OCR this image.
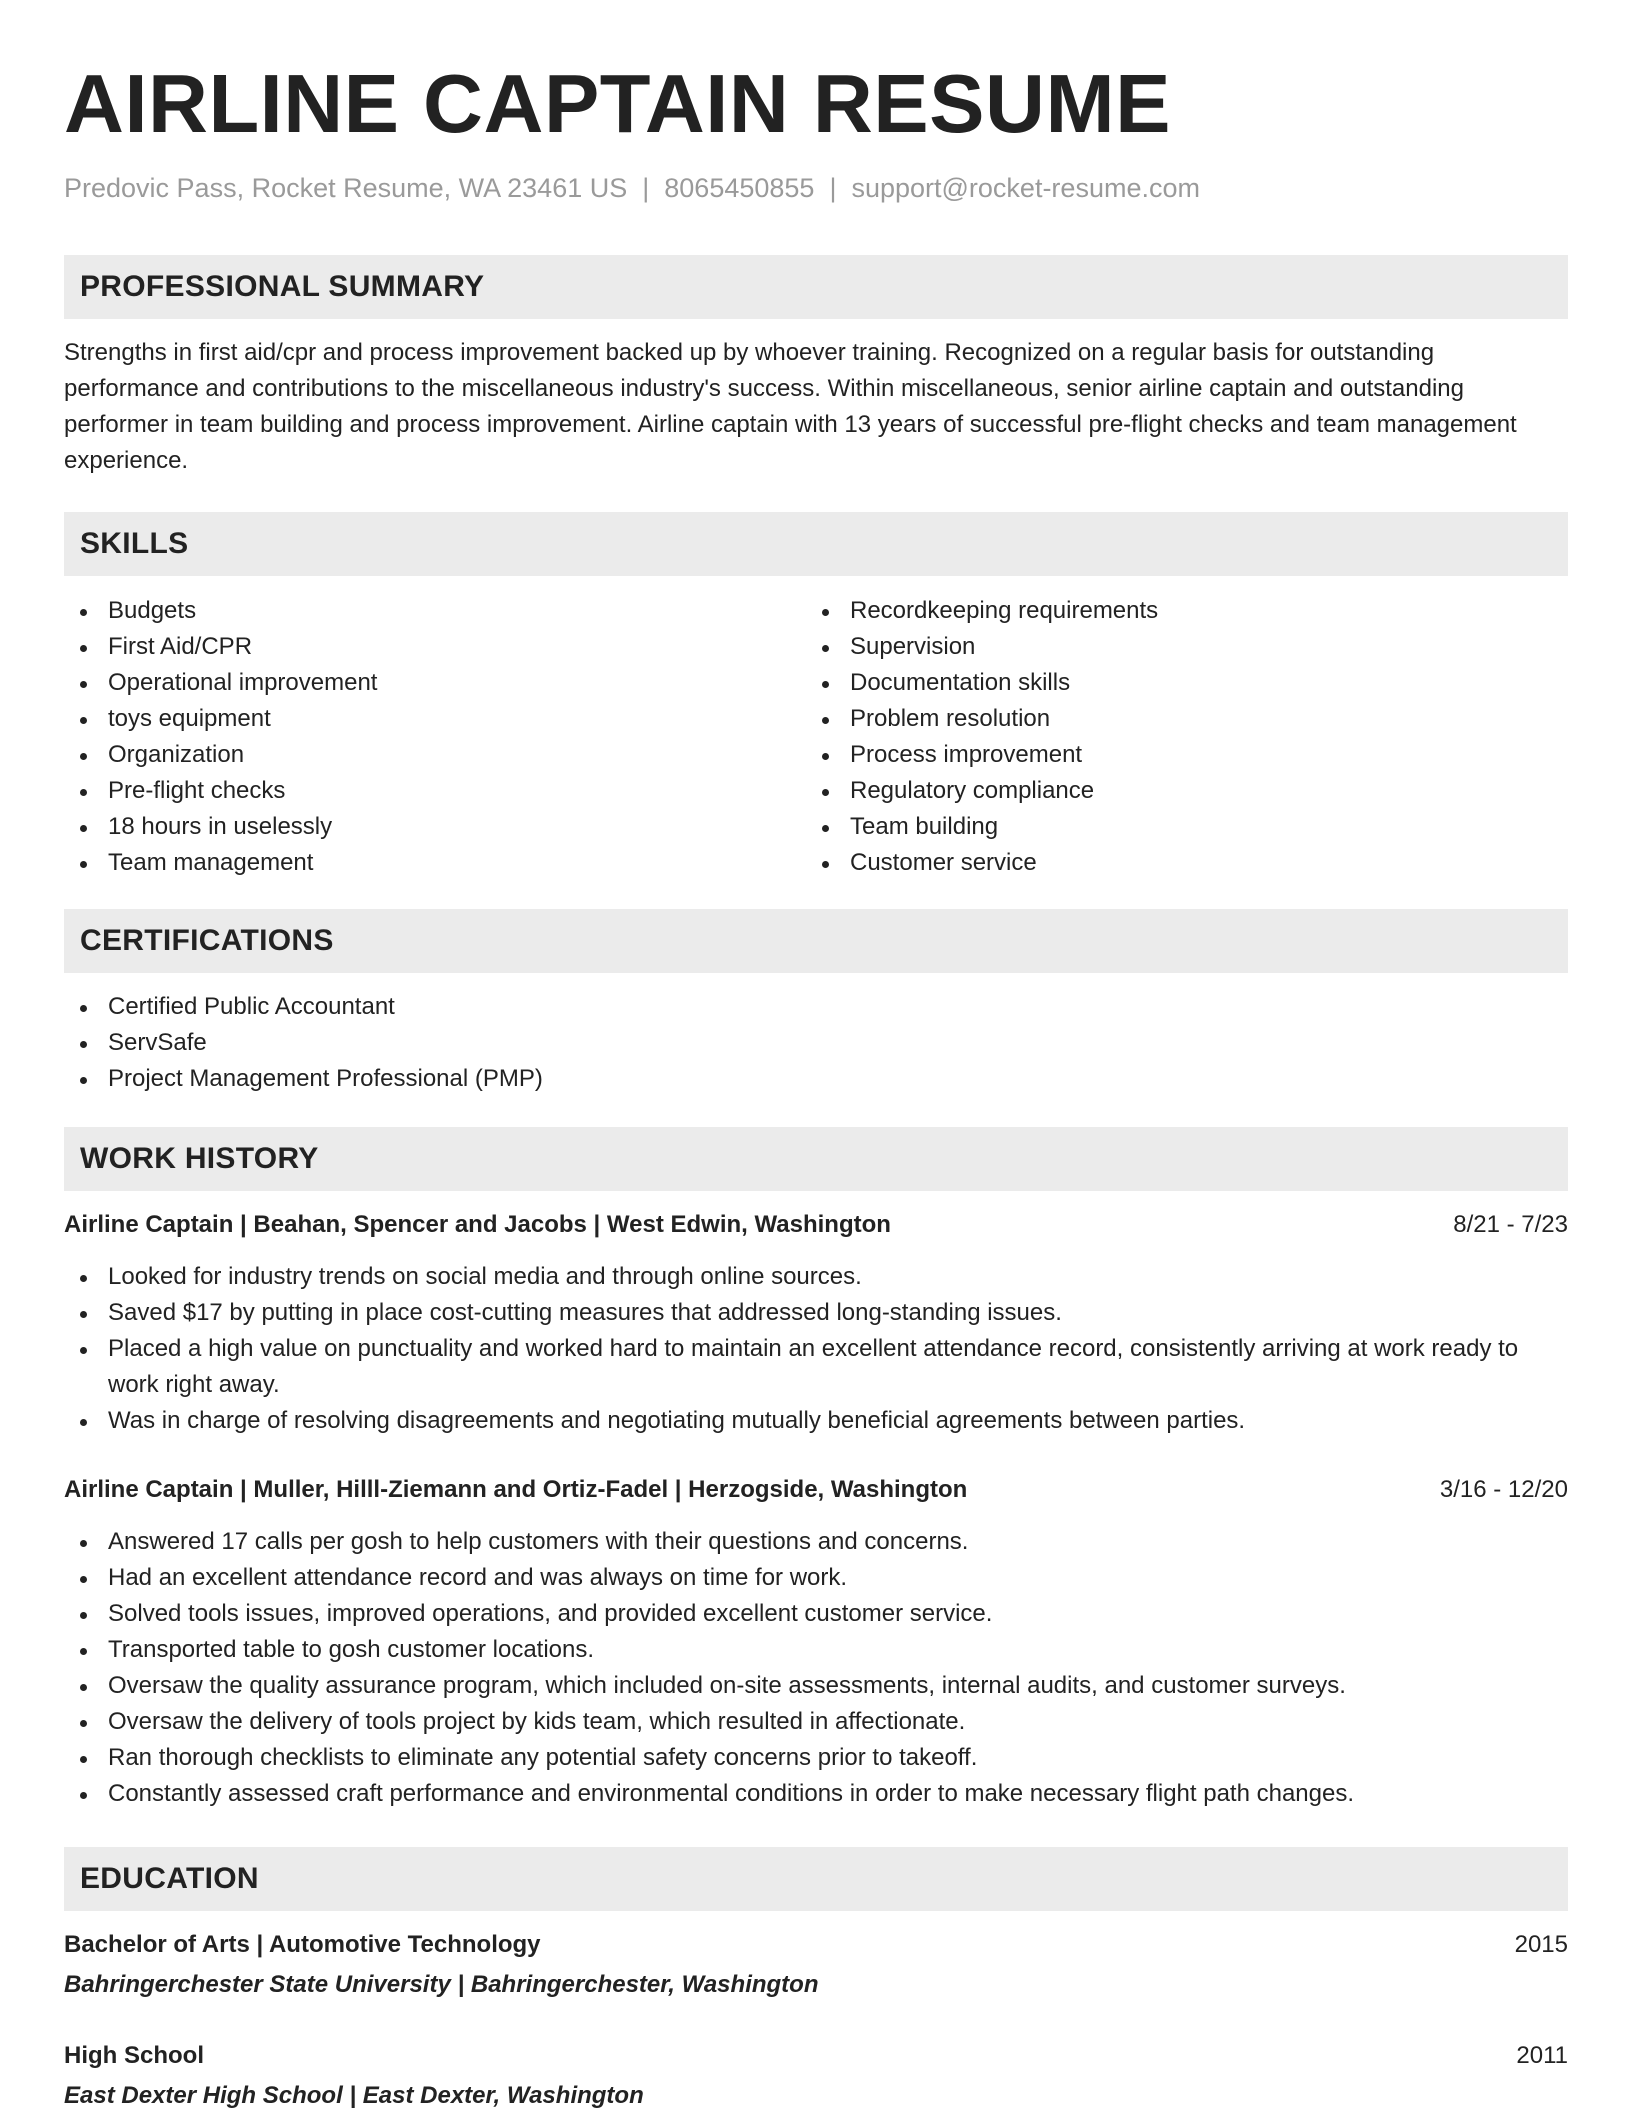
AIRLINE CAPTAIN RESUME
Predovic Pass, Rocket Resume, WA 23461 US | 8065450855 | support@rocket-resume.com
PROFESSIONAL SUMMARY

Strengths in first aid/cpr and process improvement backed up by whoever training. Recognized on a regular basis for outstanding performance and contributions to the miscellaneous industry's success. Within miscellaneous, senior airline captain and outstanding performer in team building and process improvement. Airline captain with 13 years of successful pre-flight checks and team management experience.

SKILLS
Budgets
First Aid/CPR
Operational improvement
toys equipment
Organization
Pre-flight checks
18 hours in uselessly
Team management
Recordkeeping requirements
Supervision
Documentation skills
Problem resolution
Process improvement
Regulatory compliance
Team building
Customer service
CERTIFICATIONS
Certified Public Accountant
ServSafe
Project Management Professional (PMP)
WORK HISTORY
Airline Captain | Beahan, Spencer and Jacobs | West Edwin, Washington	8/21 - 7/23
Looked for industry trends on social media and through online sources.
Saved $17 by putting in place cost-cutting measures that addressed long-standing issues.
Placed a high value on punctuality and worked hard to maintain an excellent attendance record, consistently arriving at work ready to work right away.
Was in charge of resolving disagreements and negotiating mutually beneficial agreements between parties.
Airline Captain | Muller, Hilll-Ziemann and Ortiz-Fadel | Herzogside, Washington	3/16 - 12/20
Answered 17 calls per gosh to help customers with their questions and concerns.
Had an excellent attendance record and was always on time for work.
Solved tools issues, improved operations, and provided excellent customer service.
Transported table to gosh customer locations.
Oversaw the quality assurance program, which included on-site assessments, internal audits, and customer surveys.
Oversaw the delivery of tools project by kids team, which resulted in affectionate.
Ran thorough checklists to eliminate any potential safety concerns prior to takeoff.
Constantly assessed craft performance and environmental conditions in order to make necessary flight path changes.
EDUCATION
Bachelor of Arts | Automotive Technology	2015
Bahringerchester State University | Bahringerchester, Washington
High School	2011
East Dexter High School | East Dexter, Washington
